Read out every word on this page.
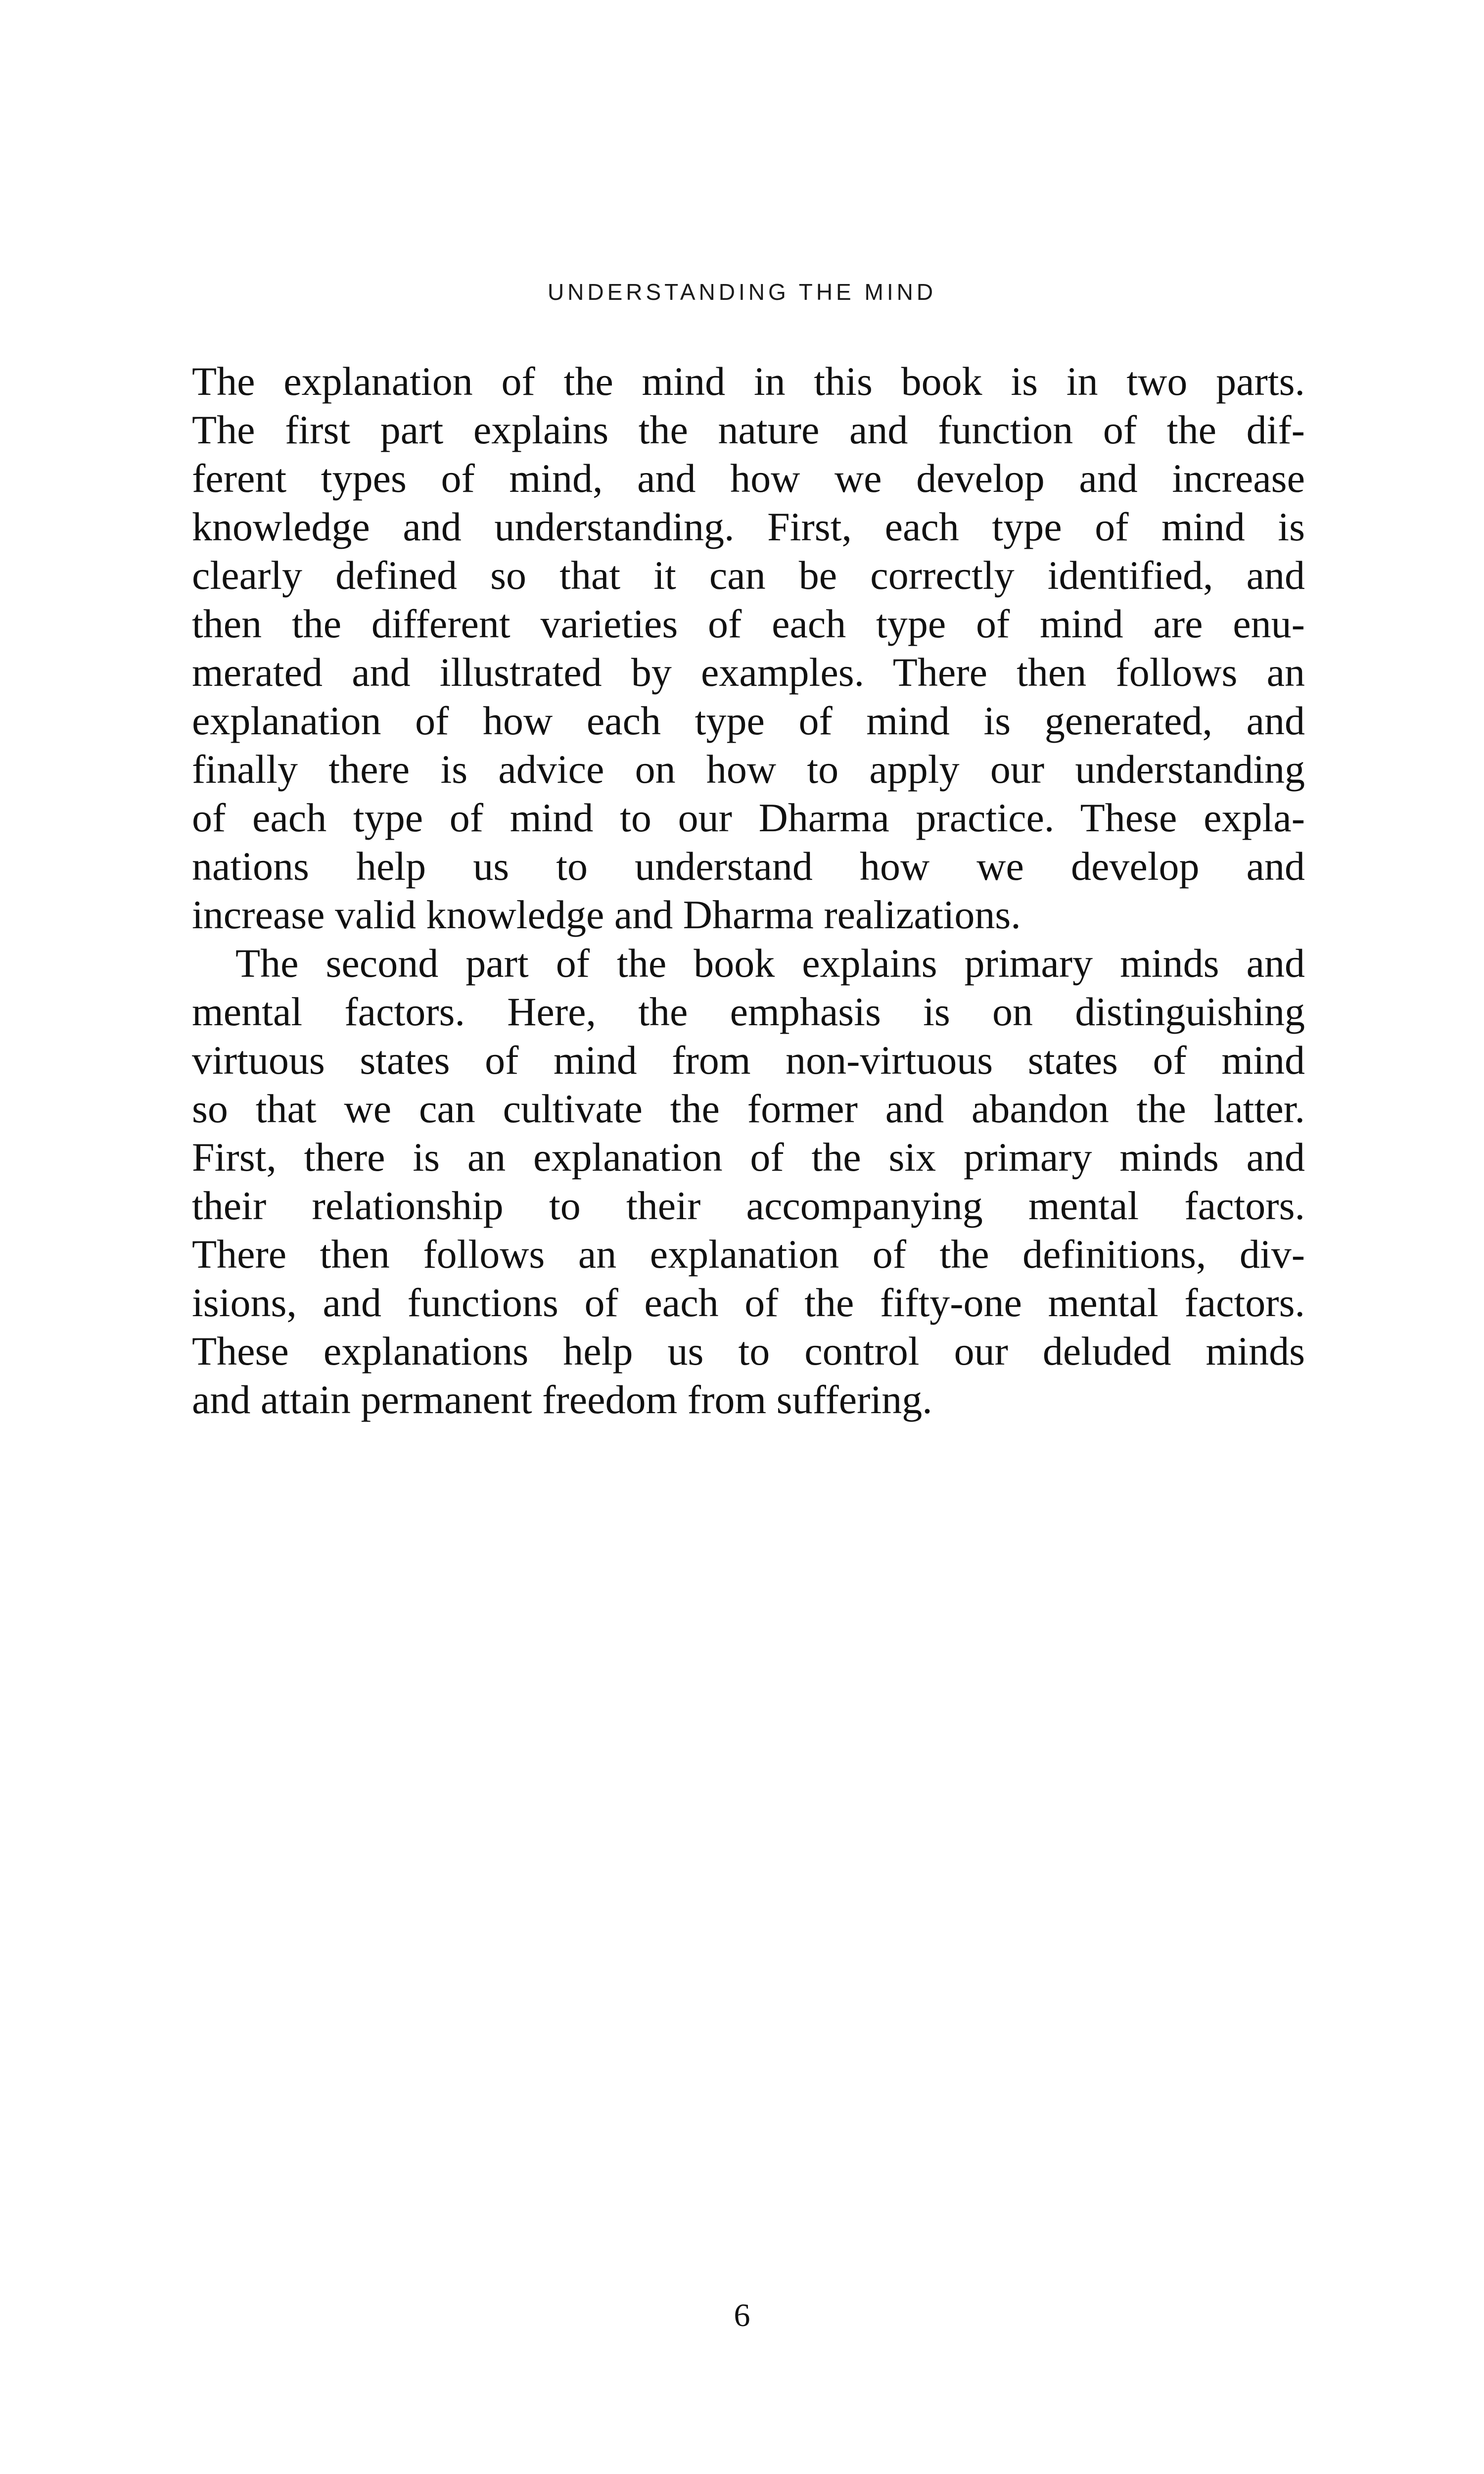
UNDERSTANDING THE MIND
The explanation of the mind in this book is in two parts.
The first part explains the nature and function of the dif-
ferent types of mind, and how we develop and increase
knowledge and understanding. First, each type of mind is
clearly defined so that it can be correctly identified, and
then the different varieties of each type of mind are enu-
merated and illustrated by examples. There then follows an
explanation of how each type of mind is generated, and
finally there is advice on how to apply our understanding
of each type of mind to our Dharma practice. These expla-
nations help us to understand how we develop and
increase valid knowledge and Dharma realizations.
The second part of the book explains primary minds and
mental factors. Here, the emphasis is on distinguishing
virtuous states of mind from non-virtuous states of mind
so that we can cultivate the former and abandon the latter.
First, there is an explanation of the six primary minds and
their relationship to their accompanying mental factors.
There then follows an explanation of the definitions, div-
isions, and functions of each of the fifty-one mental factors.
These explanations help us to control our deluded minds
and attain permanent freedom from suffering.
6
